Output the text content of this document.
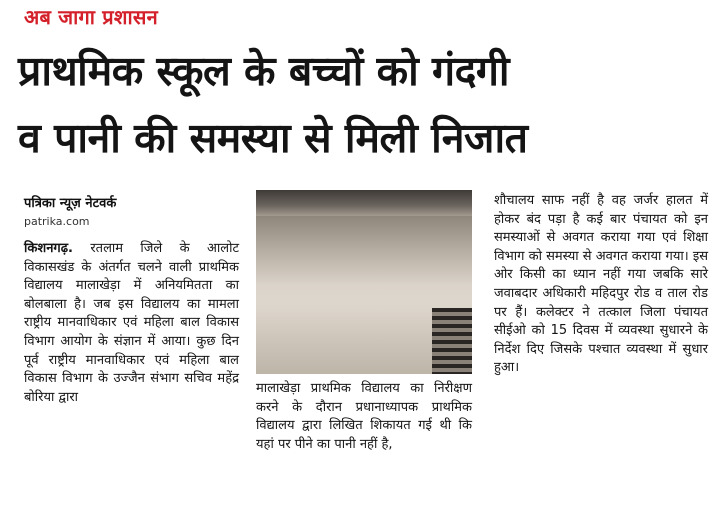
अब जागा प्रशासन
प्राथमिक स्कूल के बच्चों को गंदगी
व पानी की समस्या से मिली निजात
पत्रिका न्यूज़ नेटवर्क
patrika.com
किशनगढ़. रतलाम जिले के आलोट विकासखंड के अंतर्गत चलने वाली प्राथमिक विद्यालय मालाखेड़ा में अनियमितता का बोलबाला है। जब इस विद्यालय का मामला राष्ट्रीय मानवाधिकार एवं महिला बाल विकास विभाग आयोग के संज्ञान में आया। कुछ दिन पूर्व राष्ट्रीय मानवाधिकार एवं महिला बाल विकास विभाग के उज्जैन संभाग सचिव महेंद्र बोरिया द्वारा
मालाखेड़ा प्राथमिक विद्यालय का निरीक्षण करने के दौरान प्रधानाध्यापक प्राथमिक विद्यालय द्वारा लिखित शिकायत गई थी कि यहां पर पीने का पानी नहीं है,
शौचालय साफ नहीं है वह जर्जर हालत में होकर बंद पड़ा है कई बार पंचायत को इन समस्याओं से अवगत कराया गया एवं शिक्षा विभाग को समस्या से अवगत कराया गया। इस ओर किसी का ध्यान नहीं गया जबकि सारे जवाबदार अधिकारी महिदपुर रोड व ताल रोड पर हैं। कलेक्टर ने तत्काल जिला पंचायत सीईओ को 15 दिवस में व्यवस्था सुधारने के निर्देश दिए जिसके पश्चात व्यवस्था में सुधार हुआ।
